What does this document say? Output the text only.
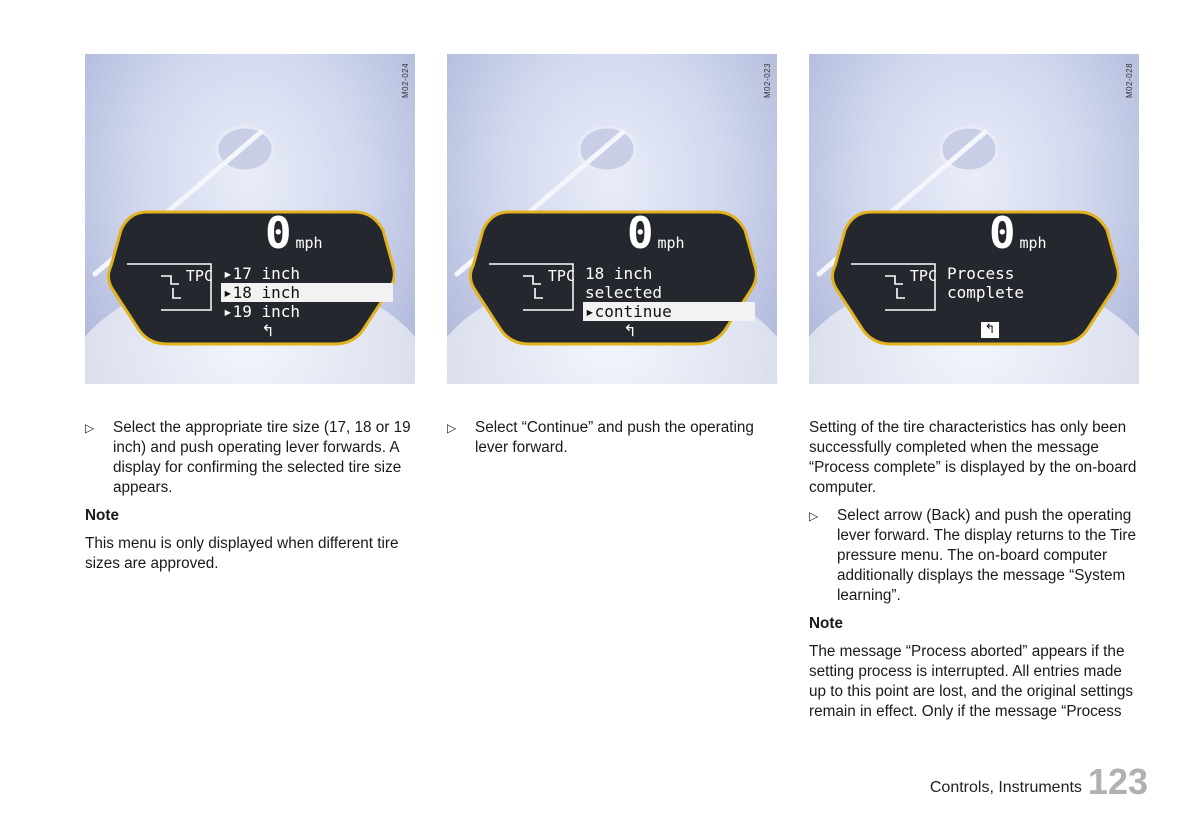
M02-024
0 mph
TPC ▸17 inch
▸18 inch
▸19 inch
↰
M02-023
0 mph
TPC 18 inch
selected
▸continue
↰
M02-028
0 mph
TPC Process
complete
↰
▷ Select the appropriate tire size (17, 18 or 19 inch) and push operating lever forwards. A display for confirming the selected tire size appears.

Note

This menu is only displayed when different tire sizes are approved.

▷ Select “Continue” and push the operating lever forward.

Setting of the tire characteristics has only been successfully completed when the message “Process complete” is displayed by the on-board computer.

▷ Select arrow (Back) and push the operating lever forward. The display returns to the Tire pressure menu. The on-board computer additionally displays the message “System learning”.

Note

The message “Process aborted” appears if the setting process is interrupted. All entries made up to this point are lost, and the original settings remain in effect. Only if the message “Process

Controls, Instruments 123
